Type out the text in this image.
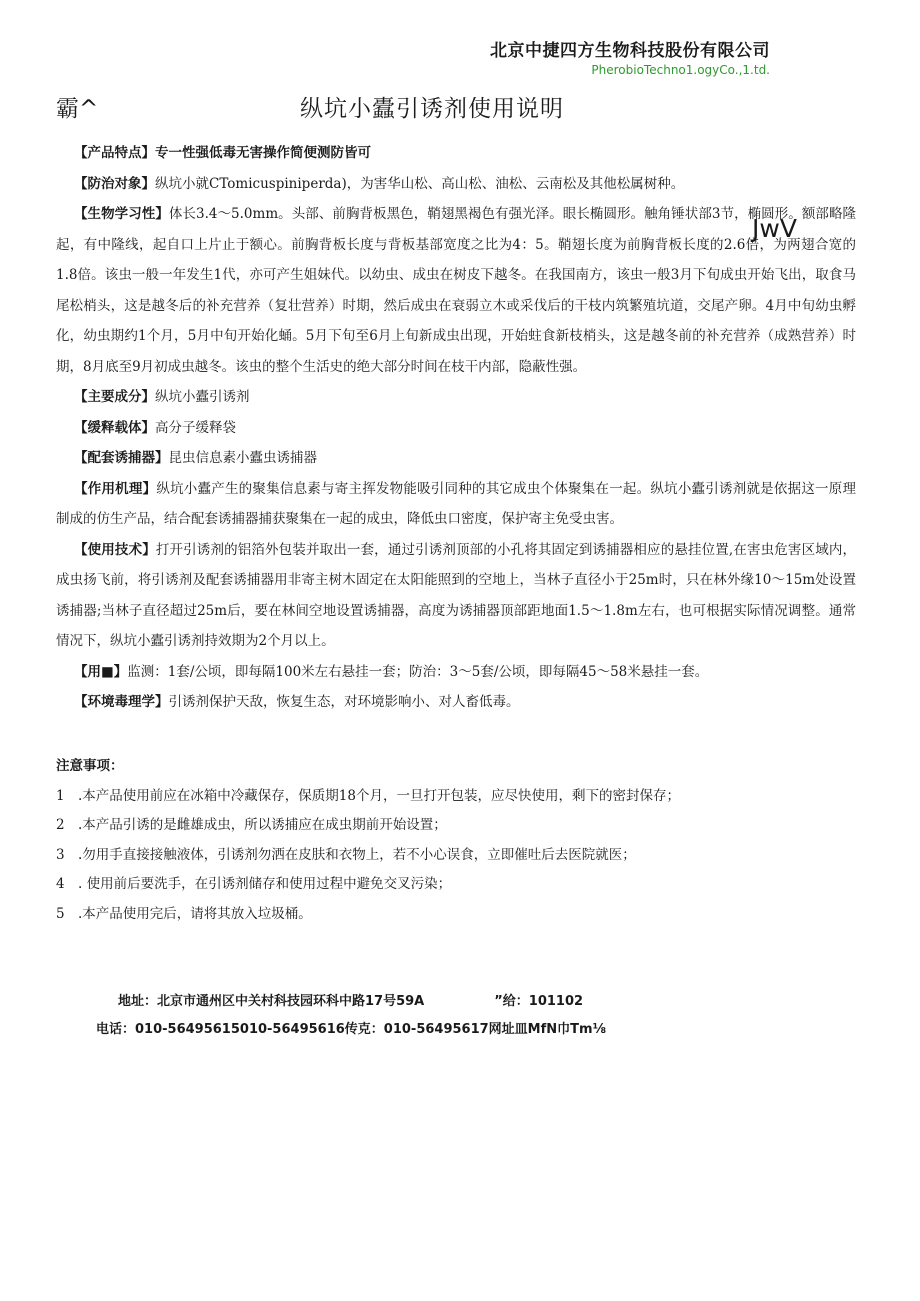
北京中捷四方生物科技股份有限公司
PherobioTechno1.ogyCo.,1.td.
霸^	纵坑小蠹引诱剂使用说明
JwV

【产品特点】专一性强低毒无害操作简便测防皆可

【防治对象】纵坑小就CTomicuspiniperda)，为害华山松、高山松、油松、云南松及其他松属树种。

【生物学习性】体长3.4～5.0mm。头部、前胸背板黑色，鞘翅黑褐色有强光泽。眼长椭圆形。触角锤状部3节，椭圆形。额部略隆起，有中隆线，起自口上片止于额心。前胸背板长度与背板基部宽度之比为4：5。鞘翅长度为前胸背板长度的2.6倍，为两翅合宽的1.8倍。该虫一般一年发生1代，亦可产生姐妹代。以幼虫、成虫在树皮下越冬。在我国南方，该虫一般3月下旬成虫开始飞出，取食马尾松梢头，这是越冬后的补充营养（复壮营养）时期，然后成虫在衰弱立木或采伐后的干枝内筑繁殖坑道，交尾产卵。4月中旬幼虫孵化，幼虫期约1个月，5月中旬开始化蛹。5月下旬至6月上旬新成虫出现，开始蛀食新枝梢头，这是越冬前的补充营养（成熟营养）时期，8月底至9月初成虫越冬。该虫的整个生活史的绝大部分时间在枝干内部，隐蔽性强。

【主要成分】纵坑小蠹引诱剂

【缓释载体】高分子缓释袋

【配套诱捕器】昆虫信息素小蠹虫诱捕器

【作用机理】纵坑小蠹产生的聚集信息素与寄主挥发物能吸引同种的其它成虫个体聚集在一起。纵坑小蠹引诱剂就是依据这一原理制成的仿生产品，结合配套诱捕器捕获聚集在一起的成虫，降低虫口密度，保护寄主免受虫害。

【使用技术】打开引诱剂的铝箔外包装并取出一套，通过引诱剂顶部的小孔将其固定到诱捕器相应的悬挂位置,在害虫危害区域内，成虫扬飞前，将引诱剂及配套诱捕器用非寄主树木固定在太阳能照到的空地上，当林子直径小于25m时，只在林外缘10～15m处设置诱捕器;当林子直径超过25m后，要在林间空地设置诱捕器，高度为诱捕器顶部距地面1.5～1.8m左右，也可根据实际情况调整。通常情况下，纵坑小蠹引诱剂持效期为2个月以上。

【用■】监测：1套/公顷，即每隔100米左右悬挂一套；防治：3～5套/公顷，即每隔45～58米悬挂一套。

【环境毒理学】引诱剂保护天敌，恢复生态，对环境影响小、对人畜低毒。

注意事项：

1 .本产品使用前应在冰箱中冷藏保存，保质期18个月，一旦打开包装，应尽快使用，剩下的密封保存；
2 .本产品引诱的是雌雄成虫，所以诱捕应在成虫期前开始设置；
3 .勿用手直接接触液体，引诱剂勿洒在皮肤和衣物上，若不小心误食，立即催吐后去医院就医；
4 . 使用前后要洗手，在引诱剂储存和使用过程中避免交叉污染；
5 .本产品使用完后，请将其放入垃圾桶。
地址：北京市通州区中关村科技园环科中路17号59A	”给：101102
电话：010-56495615010-56495616传克：010-56495617网址皿MfN巾Tm⅛
